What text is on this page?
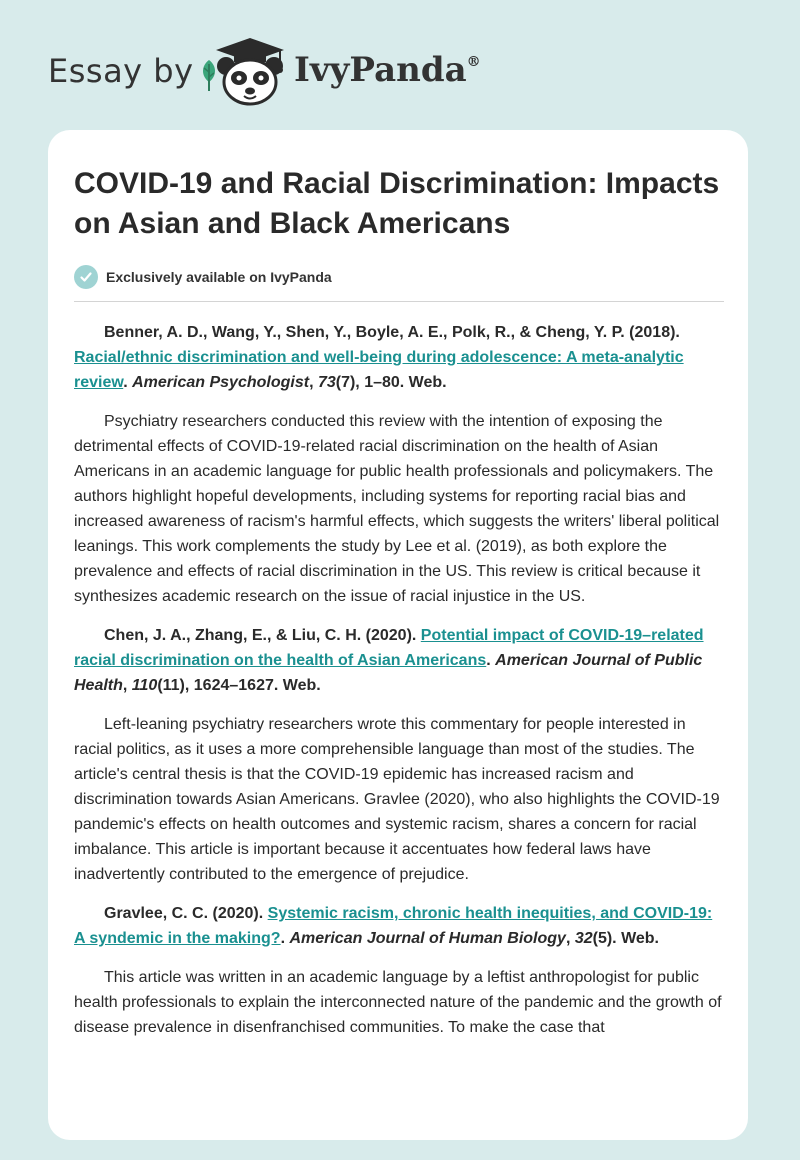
Essay by	IvyPanda®
COVID-19 and Racial Discrimination: Impacts on Asian and Black Americans
Exclusively available on IvyPanda

Benner, A. D., Wang, Y., Shen, Y., Boyle, A. E., Polk, R., & Cheng, Y. P. (2018). Racial/ethnic discrimination and well-being during adolescence: A meta-analytic review. American Psychologist, 73(7), 1–80. Web.

Psychiatry researchers conducted this review with the intention of exposing the detrimental effects of COVID-19-related racial discrimination on the health of Asian Americans in an academic language for public health professionals and policymakers. The authors highlight hopeful developments, including systems for reporting racial bias and increased awareness of racism's harmful effects, which suggests the writers' liberal political leanings. This work complements the study by Lee et al. (2019), as both explore the prevalence and effects of racial discrimination in the US. This review is critical because it synthesizes academic research on the issue of racial injustice in the US.

Chen, J. A., Zhang, E., & Liu, C. H. (2020). Potential impact of COVID-19–related racial discrimination on the health of Asian Americans. American Journal of Public Health, 110(11), 1624–1627. Web.

Left-leaning psychiatry researchers wrote this commentary for people interested in racial politics, as it uses a more comprehensible language than most of the studies. The article's central thesis is that the COVID-19 epidemic has increased racism and discrimination towards Asian Americans. Gravlee (2020), who also highlights the COVID-19 pandemic's effects on health outcomes and systemic racism, shares a concern for racial imbalance. This article is important because it accentuates how federal laws have inadvertently contributed to the emergence of prejudice.

Gravlee, C. C. (2020). Systemic racism, chronic health inequities, and COVID-19: A syndemic in the making?. American Journal of Human Biology, 32(5). Web.

This article was written in an academic language by a leftist anthropologist for public health professionals to explain the interconnected nature of the pandemic and the growth of disease prevalence in disenfranchised communities. To make the case that
